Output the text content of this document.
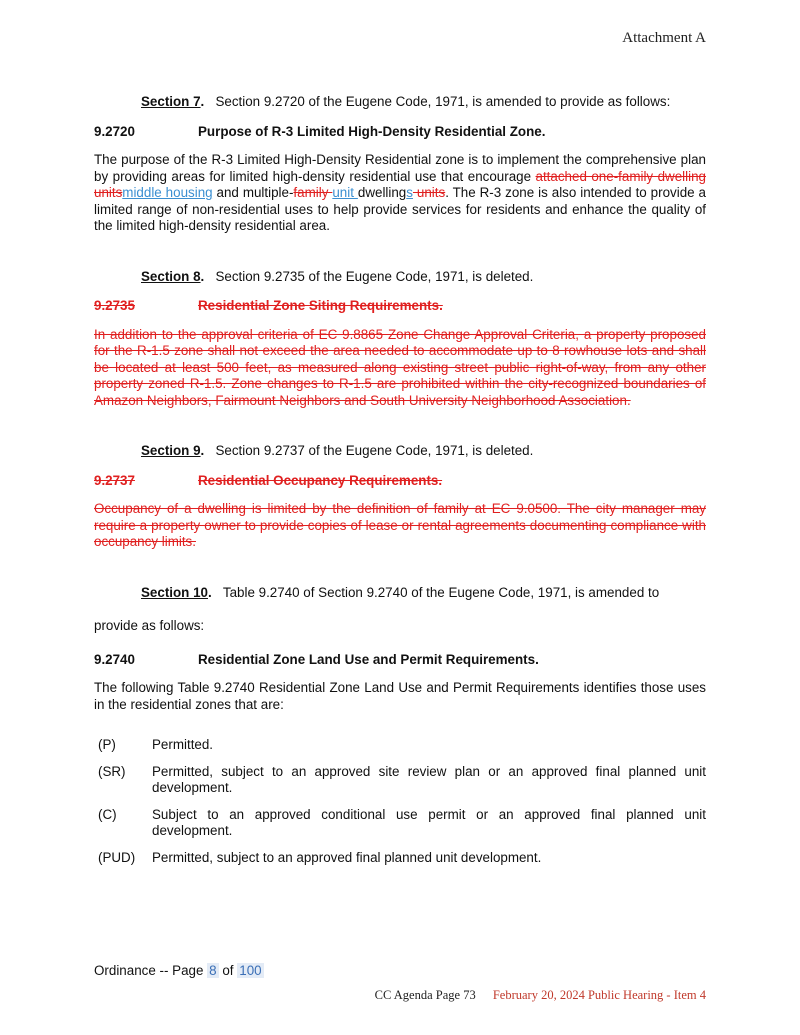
Attachment A
Section 7. Section 9.2720 of the Eugene Code, 1971, is amended to provide as follows:
9.2720	Purpose of R-3 Limited High-Density Residential Zone.

The purpose of the R-3 Limited High-Density Residential zone is to implement the comprehensive plan by providing areas for limited high-density residential use that encourage attached one-family dwelling unitsmiddle housing and multiple-family unit dwellings units. The R-3 zone is also intended to provide a limited range of non-residential uses to help provide services for residents and enhance the quality of the limited high-density residential area.

Section 8. Section 9.2735 of the Eugene Code, 1971, is deleted.
9.2735	Residential Zone Siting Requirements.

In addition to the approval criteria of EC 9.8865 Zone Change Approval Criteria, a property proposed for the R-1.5 zone shall not exceed the area needed to accommodate up to 8 rowhouse lots and shall be located at least 500 feet, as measured along existing street public right-of-way, from any other property zoned R-1.5. Zone changes to R-1.5 are prohibited within the city-recognized boundaries of Amazon Neighbors, Fairmount Neighbors and South University Neighborhood Association.

Section 9. Section 9.2737 of the Eugene Code, 1971, is deleted.
9.2737	Residential Occupancy Requirements.

Occupancy of a dwelling is limited by the definition of family at EC 9.0500. The city manager may require a property owner to provide copies of lease or rental agreements documenting compliance with occupancy limits.

Section 10. Table 9.2740 of Section 9.2740 of the Eugene Code, 1971, is amended to
provide as follows:
9.2740	Residential Zone Land Use and Permit Requirements.

The following Table 9.2740 Residential Zone Land Use and Permit Requirements identifies those uses in the residential zones that are:

(P)	Permitted.
(SR)	Permitted, subject to an approved site review plan or an approved final planned unit development.
(C)	Subject to an approved conditional use permit or an approved final planned unit development.
(PUD)	Permitted, subject to an approved final planned unit development.
Ordinance -- Page 8 of 100
CC Agenda Page 73 February 20, 2024 Public Hearing - Item 4
